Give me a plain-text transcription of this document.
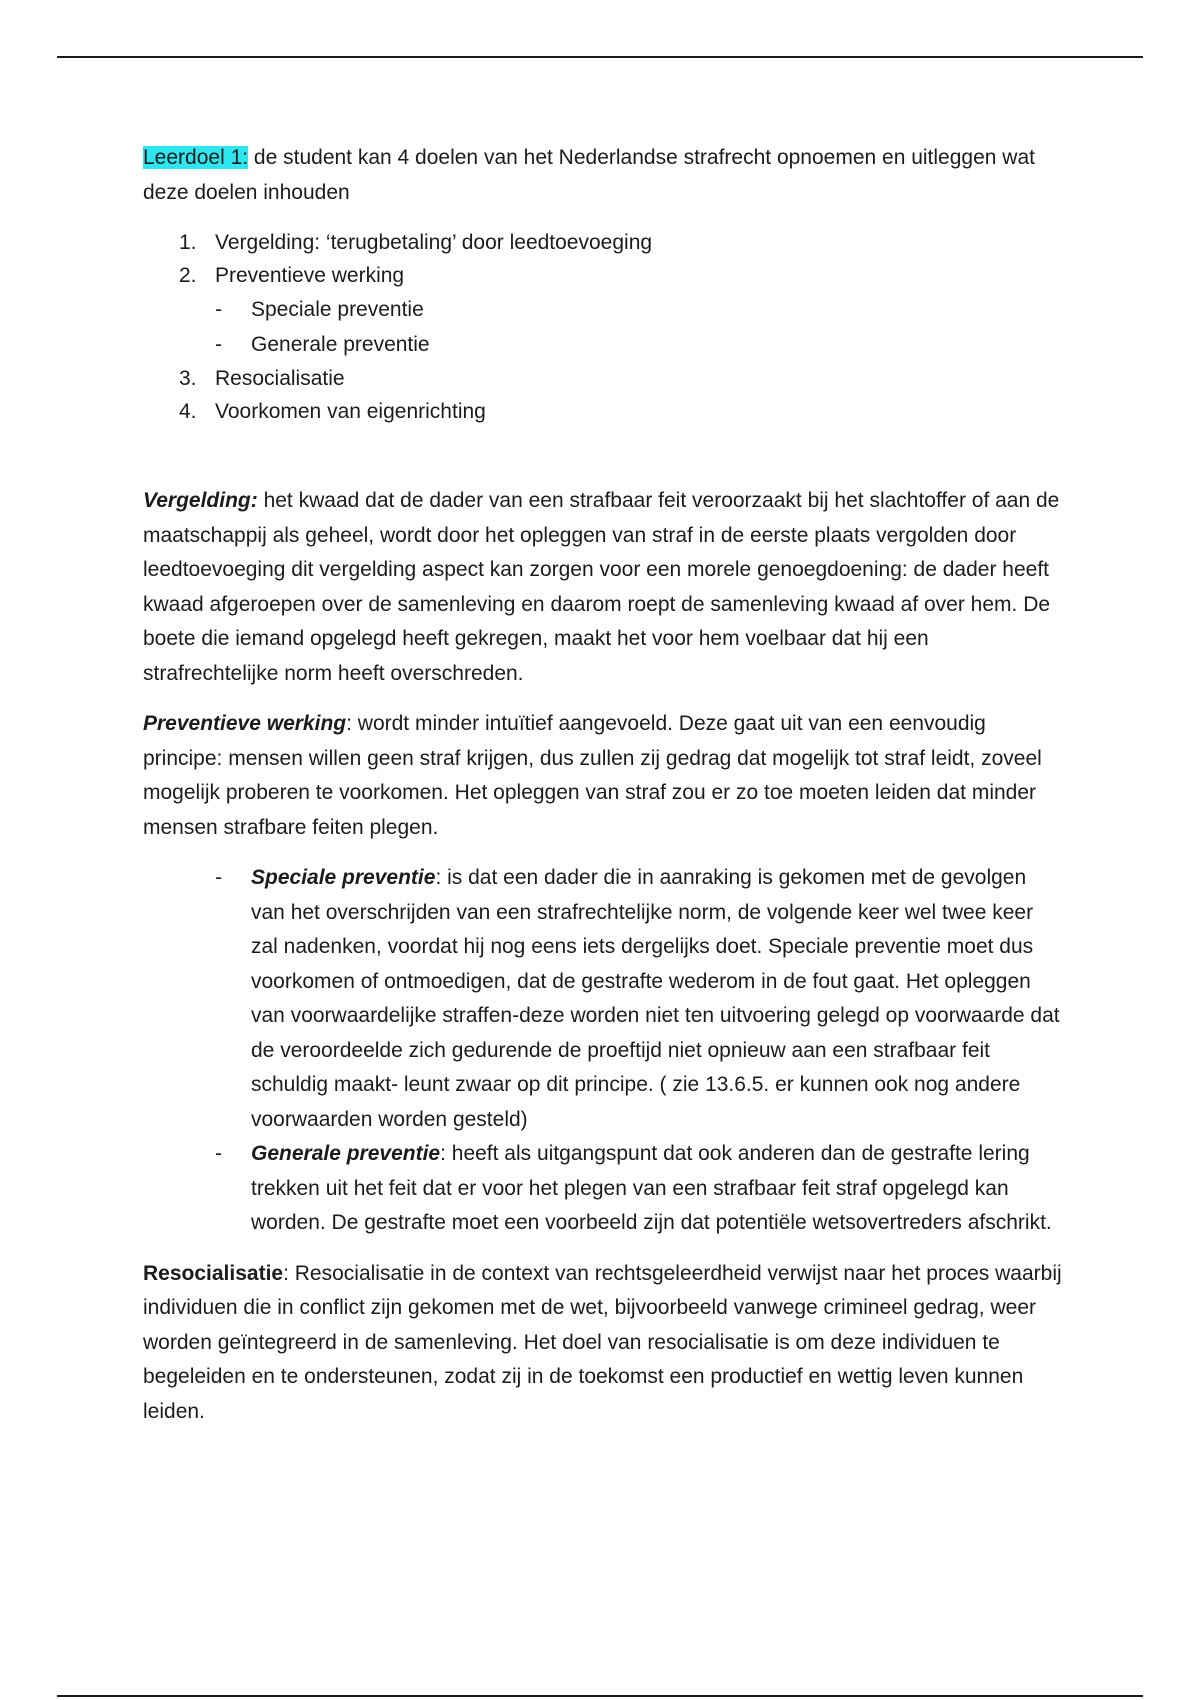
Leerdoel 1: de student kan 4 doelen van het Nederlandse strafrecht opnoemen en uitleggen wat deze doelen inhouden

1. Vergelding: ‘terugbetaling’ door leedtoevoeging
2. Preventieve werking
- Speciale preventie
- Generale preventie
3. Resocialisatie
4. Voorkomen van eigenrichting

Vergelding: het kwaad dat de dader van een strafbaar feit veroorzaakt bij het slachtoffer of aan de maatschappij als geheel, wordt door het opleggen van straf in de eerste plaats vergolden door leedtoevoeging dit vergelding aspect kan zorgen voor een morele genoegdoening: de dader heeft kwaad afgeroepen over de samenleving en daarom roept de samenleving kwaad af over hem. De boete die iemand opgelegd heeft gekregen, maakt het voor hem voelbaar dat hij een strafrechtelijke norm heeft overschreden.

Preventieve werking: wordt minder intuïtief aangevoeld. Deze gaat uit van een eenvoudig principe: mensen willen geen straf krijgen, dus zullen zij gedrag dat mogelijk tot straf leidt, zoveel mogelijk proberen te voorkomen. Het opleggen van straf zou er zo toe moeten leiden dat minder mensen strafbare feiten plegen.

- Speciale preventie: is dat een dader die in aanraking is gekomen met de gevolgen van het overschrijden van een strafrechtelijke norm, de volgende keer wel twee keer zal nadenken, voordat hij nog eens iets dergelijks doet. Speciale preventie moet dus voorkomen of ontmoedigen, dat de gestrafte wederom in de fout gaat. Het opleggen van voorwaardelijke straffen-deze worden niet ten uitvoering gelegd op voorwaarde dat de veroordeelde zich gedurende de proeftijd niet opnieuw aan een strafbaar feit schuldig maakt- leunt zwaar op dit principe. ( zie 13.6.5. er kunnen ook nog andere voorwaarden worden gesteld)
- Generale preventie: heeft als uitgangspunt dat ook anderen dan de gestrafte lering trekken uit het feit dat er voor het plegen van een strafbaar feit straf opgelegd kan worden. De gestrafte moet een voorbeeld zijn dat potentiële wetsovertreders afschrikt.

Resocialisatie: Resocialisatie in de context van rechtsgeleerdheid verwijst naar het proces waarbij individuen die in conflict zijn gekomen met de wet, bijvoorbeeld vanwege crimineel gedrag, weer worden geïntegreerd in de samenleving. Het doel van resocialisatie is om deze individuen te begeleiden en te ondersteunen, zodat zij in de toekomst een productief en wettig leven kunnen leiden.
